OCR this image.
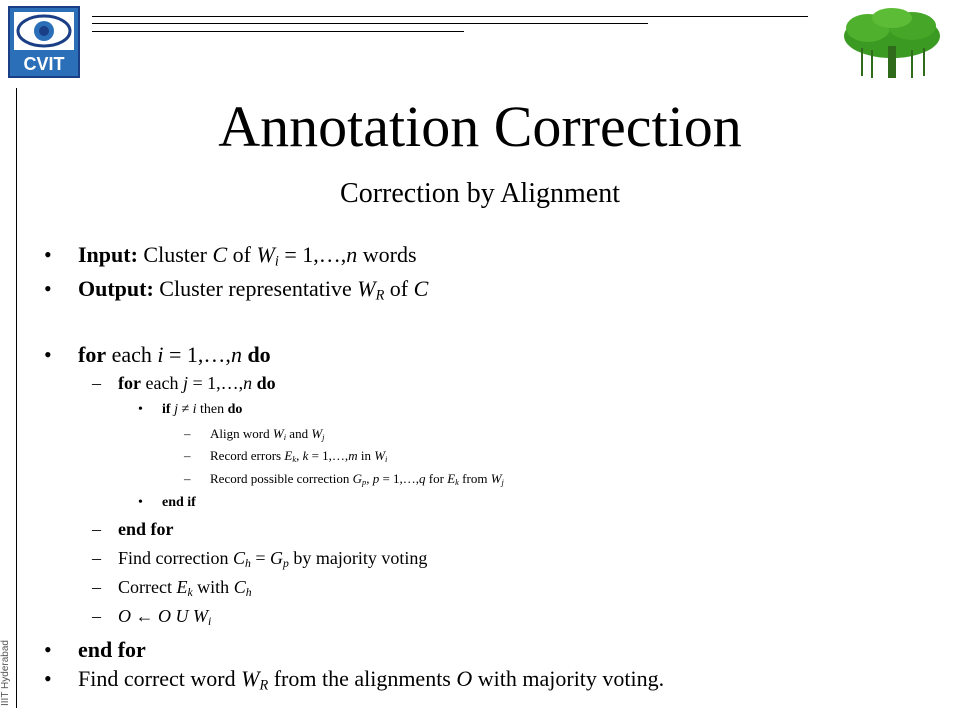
CVIT
IIIT Hyderabad
Annotation Correction
Correction by Alignment
• Input: Cluster C of $W_i$ = 1,…,n words
• Output: Cluster representative $W_R$ of C
• for each i = 1,…,n do
– for each j = 1,…,n do
• if j ≠ i then do
– Align word $W_i$ and $W_j$
– Record errors $E_k$, k = 1,…,m in $W_i$
– Record possible correction $G_p$, p = 1,…,q for $E_k$ from $W_j$
• end if
– end for
– Find correction $C_h = G_p$ by majority voting
– Correct $E_k$ with $C_h$
– O ← O U $W_i$
• end for
• Find correct word $W_R$ from the alignments O with majority voting.
